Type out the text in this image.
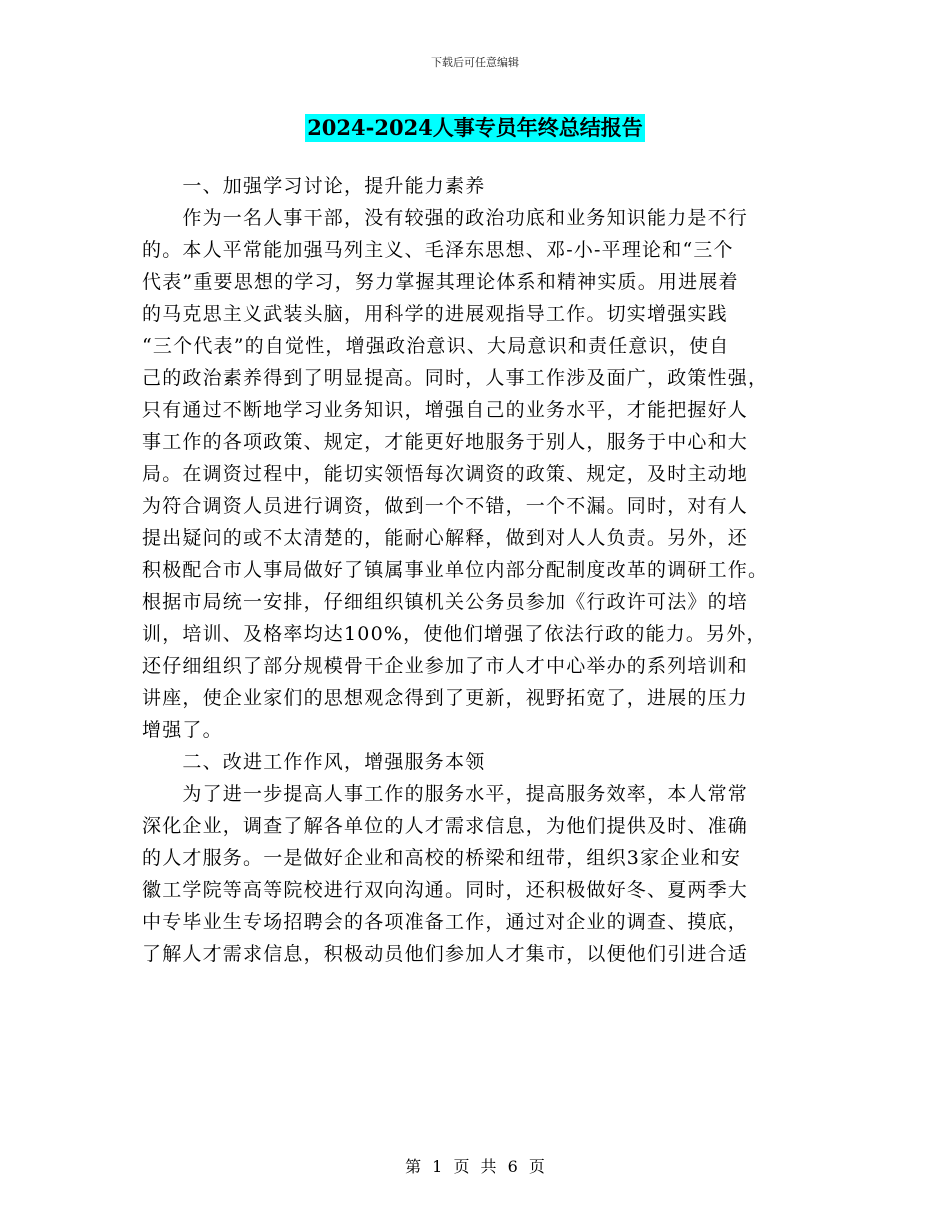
下载后可任意编辑
2024-2024人事专员年终总结报告
　　一、加强学习讨论，提升能力素养
　　作为一名人事干部，没有较强的政治功底和业务知识能力是不行
的。本人平常能加强马列主义、毛泽东思想、邓-小-平理论和“三个
代表”重要思想的学习，努力掌握其理论体系和精神实质。用进展着
的马克思主义武装头脑，用科学的进展观指导工作。切实增强实践
“三个代表”的自觉性，增强政治意识、大局意识和责任意识，使自
己的政治素养得到了明显提高。同时，人事工作涉及面广，政策性强，
只有通过不断地学习业务知识，增强自己的业务水平，才能把握好人
事工作的各项政策、规定，才能更好地服务于别人，服务于中心和大
局。在调资过程中，能切实领悟每次调资的政策、规定，及时主动地
为符合调资人员进行调资，做到一个不错，一个不漏。同时，对有人
提出疑问的或不太清楚的，能耐心解释，做到对人人负责。另外，还
积极配合市人事局做好了镇属事业单位内部分配制度改革的调研工作。
根据市局统一安排，仔细组织镇机关公务员参加《行政许可法》的培
训，培训、及格率均达100%，使他们增强了依法行政的能力。另外，
还仔细组织了部分规模骨干企业参加了市人才中心举办的系列培训和
讲座，使企业家们的思想观念得到了更新，视野拓宽了，进展的压力
增强了。
　　二、改进工作作风，增强服务本领
　　为了进一步提高人事工作的服务水平，提高服务效率，本人常常
深化企业，调查了解各单位的人才需求信息，为他们提供及时、准确
的人才服务。一是做好企业和高校的桥梁和纽带，组织3家企业和安
徽工学院等高等院校进行双向沟通。同时，还积极做好冬、夏两季大
中专毕业生专场招聘会的各项准备工作，通过对企业的调查、摸底，
了解人才需求信息，积极动员他们参加人才集市，以便他们引进合适
第 1 页 共 6 页
